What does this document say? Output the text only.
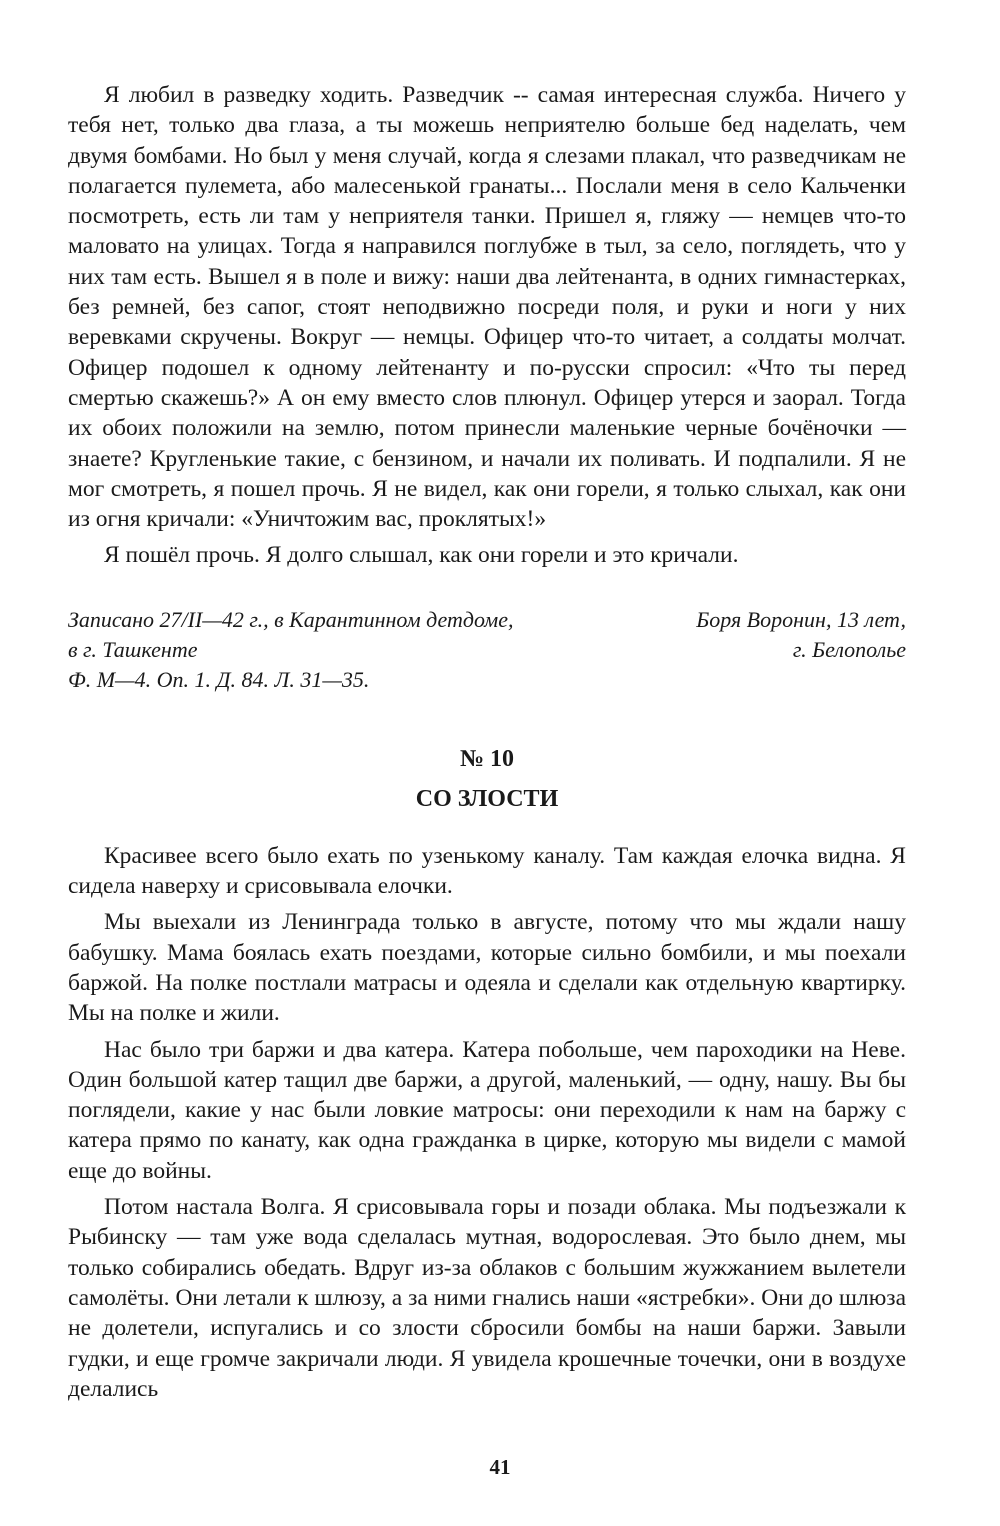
Я любил в разведку ходить. Разведчик -- самая интересная служба. Ничего у тебя нет, только два глаза, а ты можешь неприятелю больше бед наделать, чем двумя бомбами. Но был у меня случай, когда я слезами плакал, что разведчикам не полагается пулемета, або малесенькой гранаты... Послали меня в село Кальченки посмотреть, есть ли там у неприятеля танки. Пришел я, гляжу — немцев что-то маловато на улицах. Тогда я направился поглубже в тыл, за село, поглядеть, что у них там есть. Вышел я в поле и вижу: наши два лейтенанта, в одних гимнастерках, без ремней, без сапог, стоят неподвижно посреди поля, и руки и ноги у них веревками скручены. Вокруг — немцы. Офицер что-то читает, а солдаты молчат. Офицер подошел к одному лейтенанту и по-русски спросил: «Что ты перед смертью скажешь?» А он ему вместо слов плюнул. Офицер утерся и заорал. Тогда их обоих положили на землю, потом принесли маленькие черные бочёночки — знаете? Кругленькие такие, с бензином, и начали их поливать. И подпалили. Я не мог смотреть, я пошел прочь. Я не видел, как они горели, я только слыхал, как они из огня кричали: «Уничтожим вас, проклятых!»

Я пошёл прочь. Я долго слышал, как они горели и это кричали.

Записано 27/II—42 г., в Карантинном детдоме,
в г. Ташкенте
Ф. М—4. Оп. 1. Д. 84. Л. 31—35.
Боря Воронин, 13 лет,
г. Белополье
№ 10
СО ЗЛОСТИ

Красивее всего было ехать по узенькому каналу. Там каждая елочка видна. Я сидела наверху и срисовывала елочки.

Мы выехали из Ленинграда только в августе, потому что мы ждали нашу бабушку. Мама боялась ехать поездами, которые сильно бомбили, и мы поехали баржой. На полке постлали матрасы и одеяла и сделали как отдельную квартирку. Мы на полке и жили.

Нас было три баржи и два катера. Катера побольше, чем пароходики на Неве. Один большой катер тащил две баржи, а другой, маленький, — одну, нашу. Вы бы поглядели, какие у нас были ловкие матросы: они переходили к нам на баржу с катера прямо по канату, как одна гражданка в цирке, которую мы видели с мамой еще до войны.

Потом настала Волга. Я срисовывала горы и позади облака. Мы подъезжали к Рыбинску — там уже вода сделалась мутная, водорослевая. Это было днем, мы только собирались обедать. Вдруг из-за облаков с большим жужжанием вылетели самолёты. Они летали к шлюзу, а за ними гнались наши «ястребки». Они до шлюза не долетели, испугались и со злости сбросили бомбы на наши баржи. Завыли гудки, и еще громче закричали люди. Я увидела крошечные точечки, они в воздухе делались

41
